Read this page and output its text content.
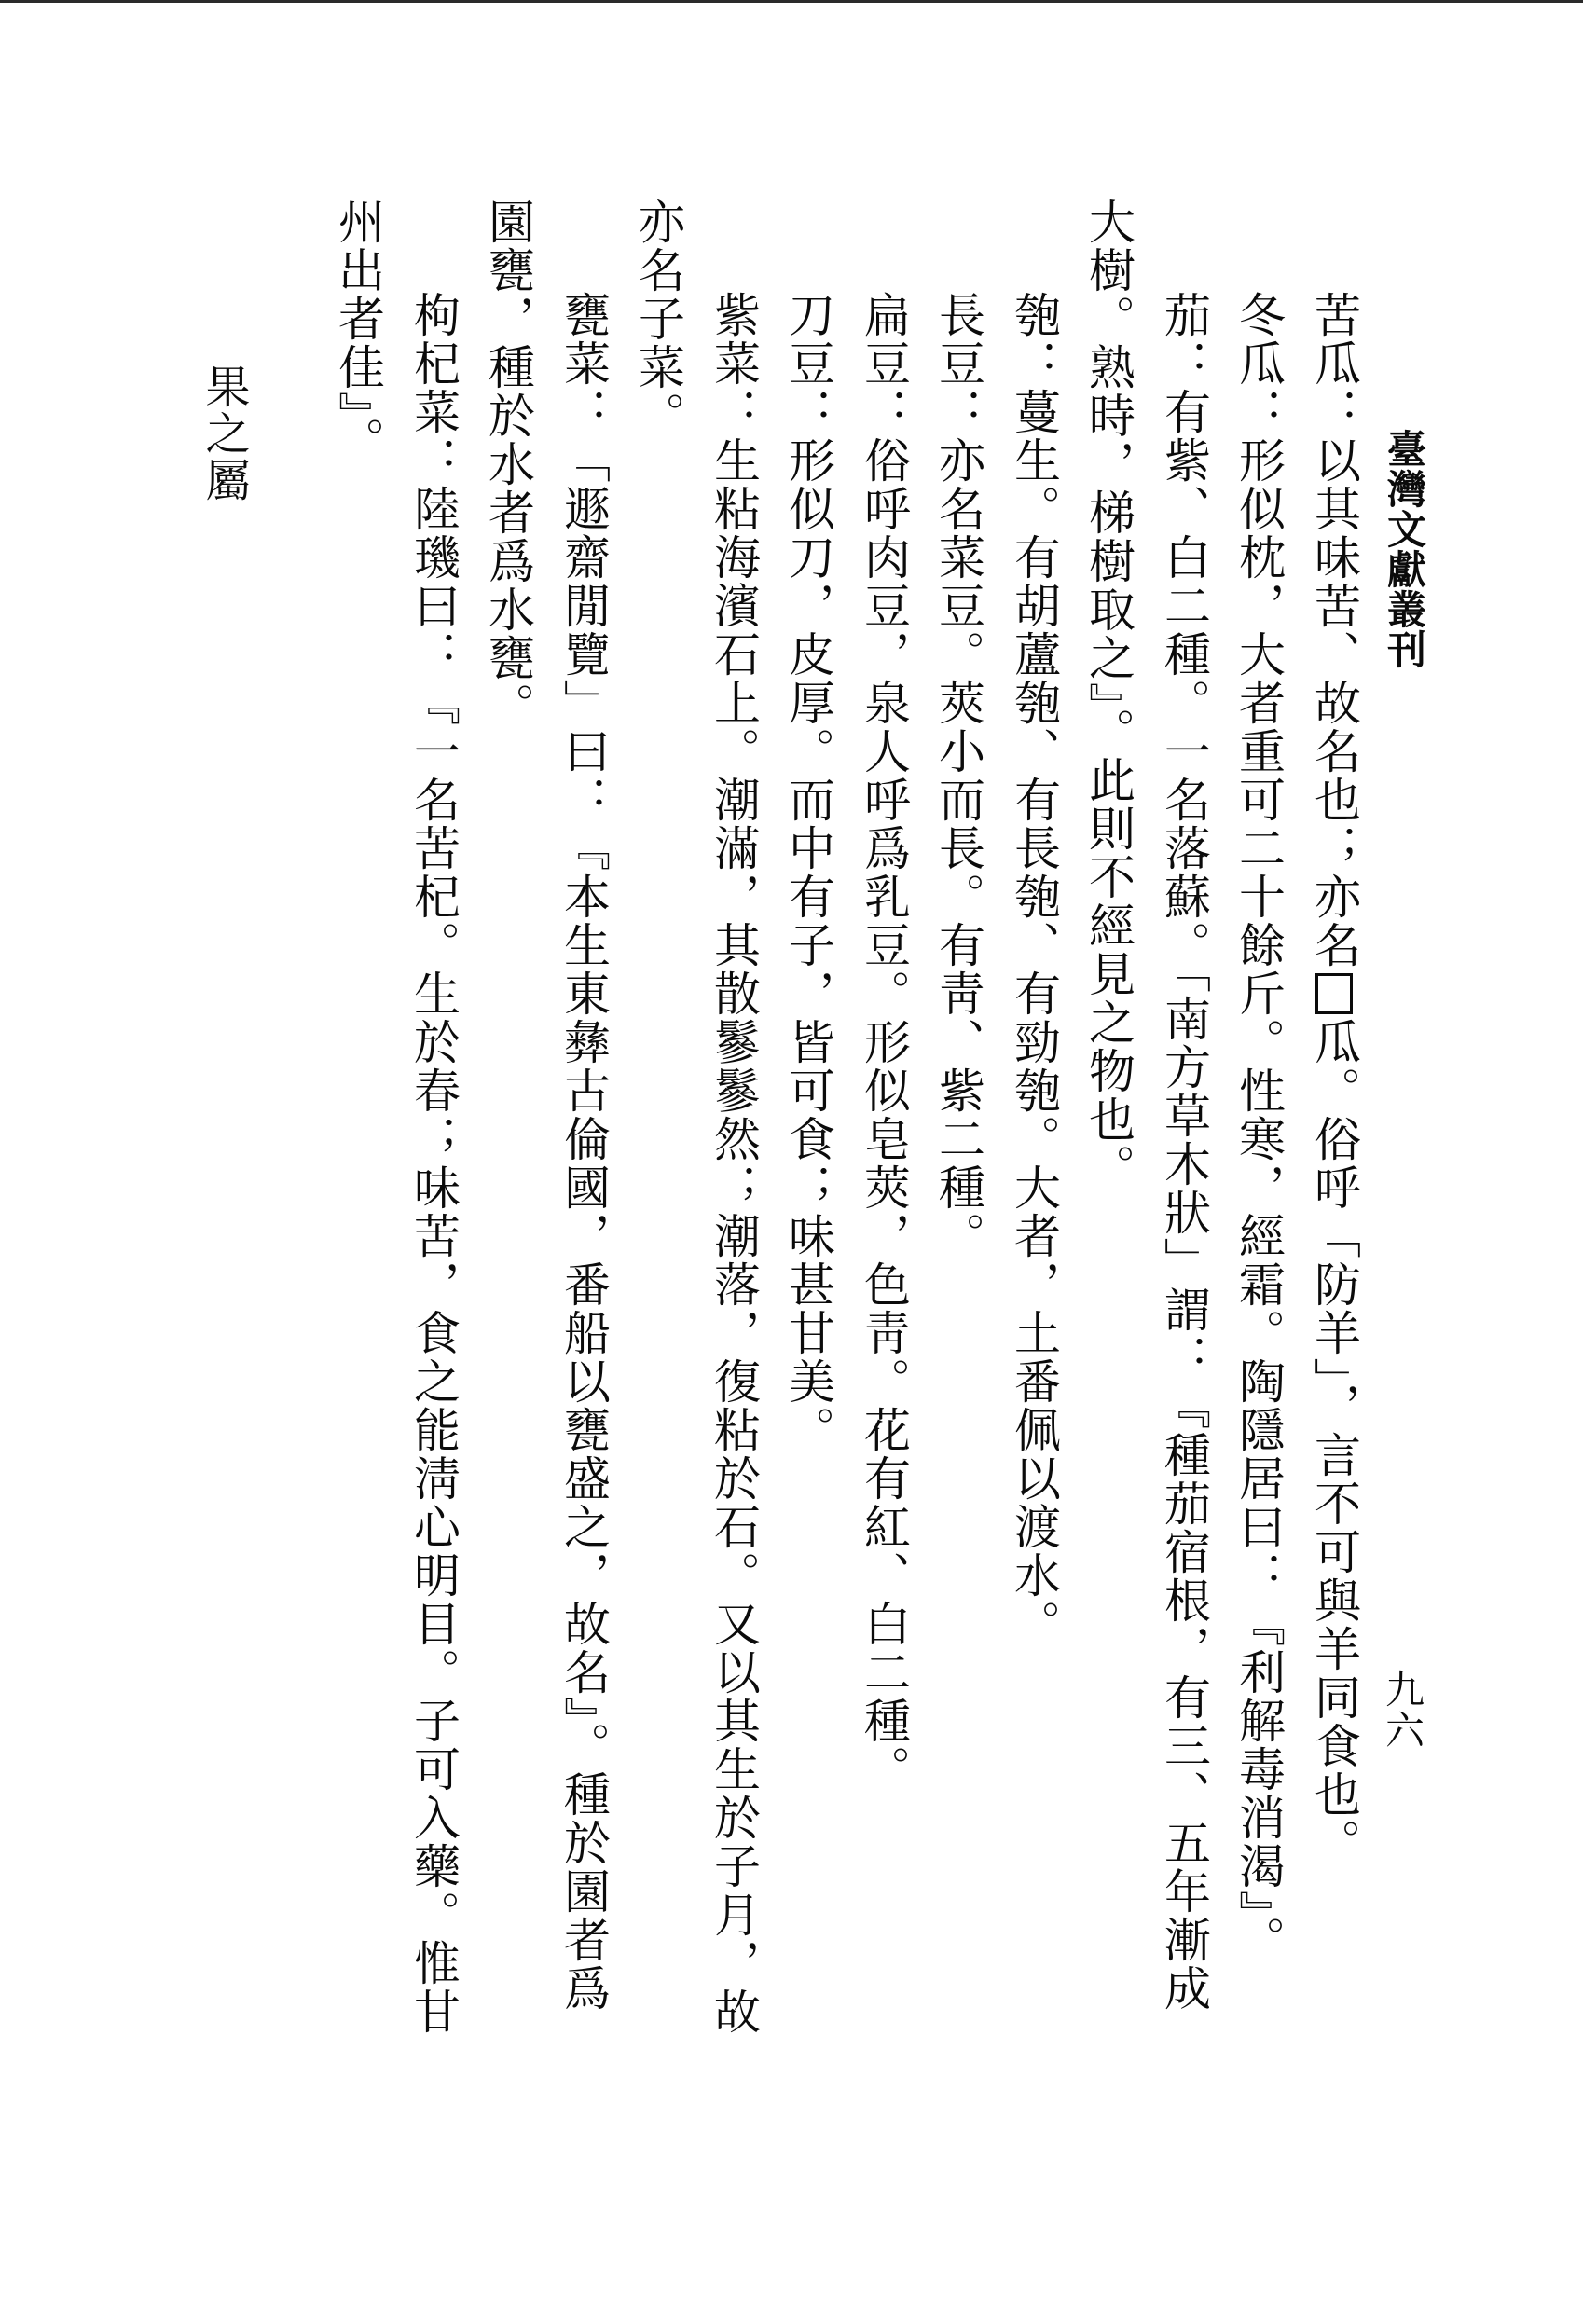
臺灣文獻叢刊
九六
苦瓜：以其味苦、故名也；亦名瓜。俗呼「防羊」，言不可與羊同食也。
冬瓜：形似枕，大者重可二十餘斤。性寒，經霜。陶隱居曰：『利解毒消渴』。
茄：有紫、白二種。一名落蘇。「南方草木狀」謂：『種茄宿根，有三、五年漸成
大樹。熟時，梯樹取之』。此則不經見之物也。
匏：蔓生。有胡蘆匏、有長匏、有勁匏。大者，土番佩以渡水。
長豆：亦名菜豆。莢小而長。有靑、紫二種。
扁豆：俗呼肉豆，泉人呼爲乳豆。形似皂莢，色靑。花有紅、白二種。
刀豆：形似刀，皮厚。而中有子，皆可食；味甚甘美。
紫菜：生粘海濱石上。潮滿，其散鬖鬖然；潮落，復粘於石。又以其生於子月，故
亦名子菜。
甕菜：「遯齋閒覽」曰：『本生東彝古倫國，番船以甕盛之，故名』。種於園者爲
園甕，種於水者爲水甕。
枸杞菜：陸璣曰：『一名苦杞。生於春；味苦，食之能淸心明目。子可入藥。惟甘
州出者佳』。
果之屬
